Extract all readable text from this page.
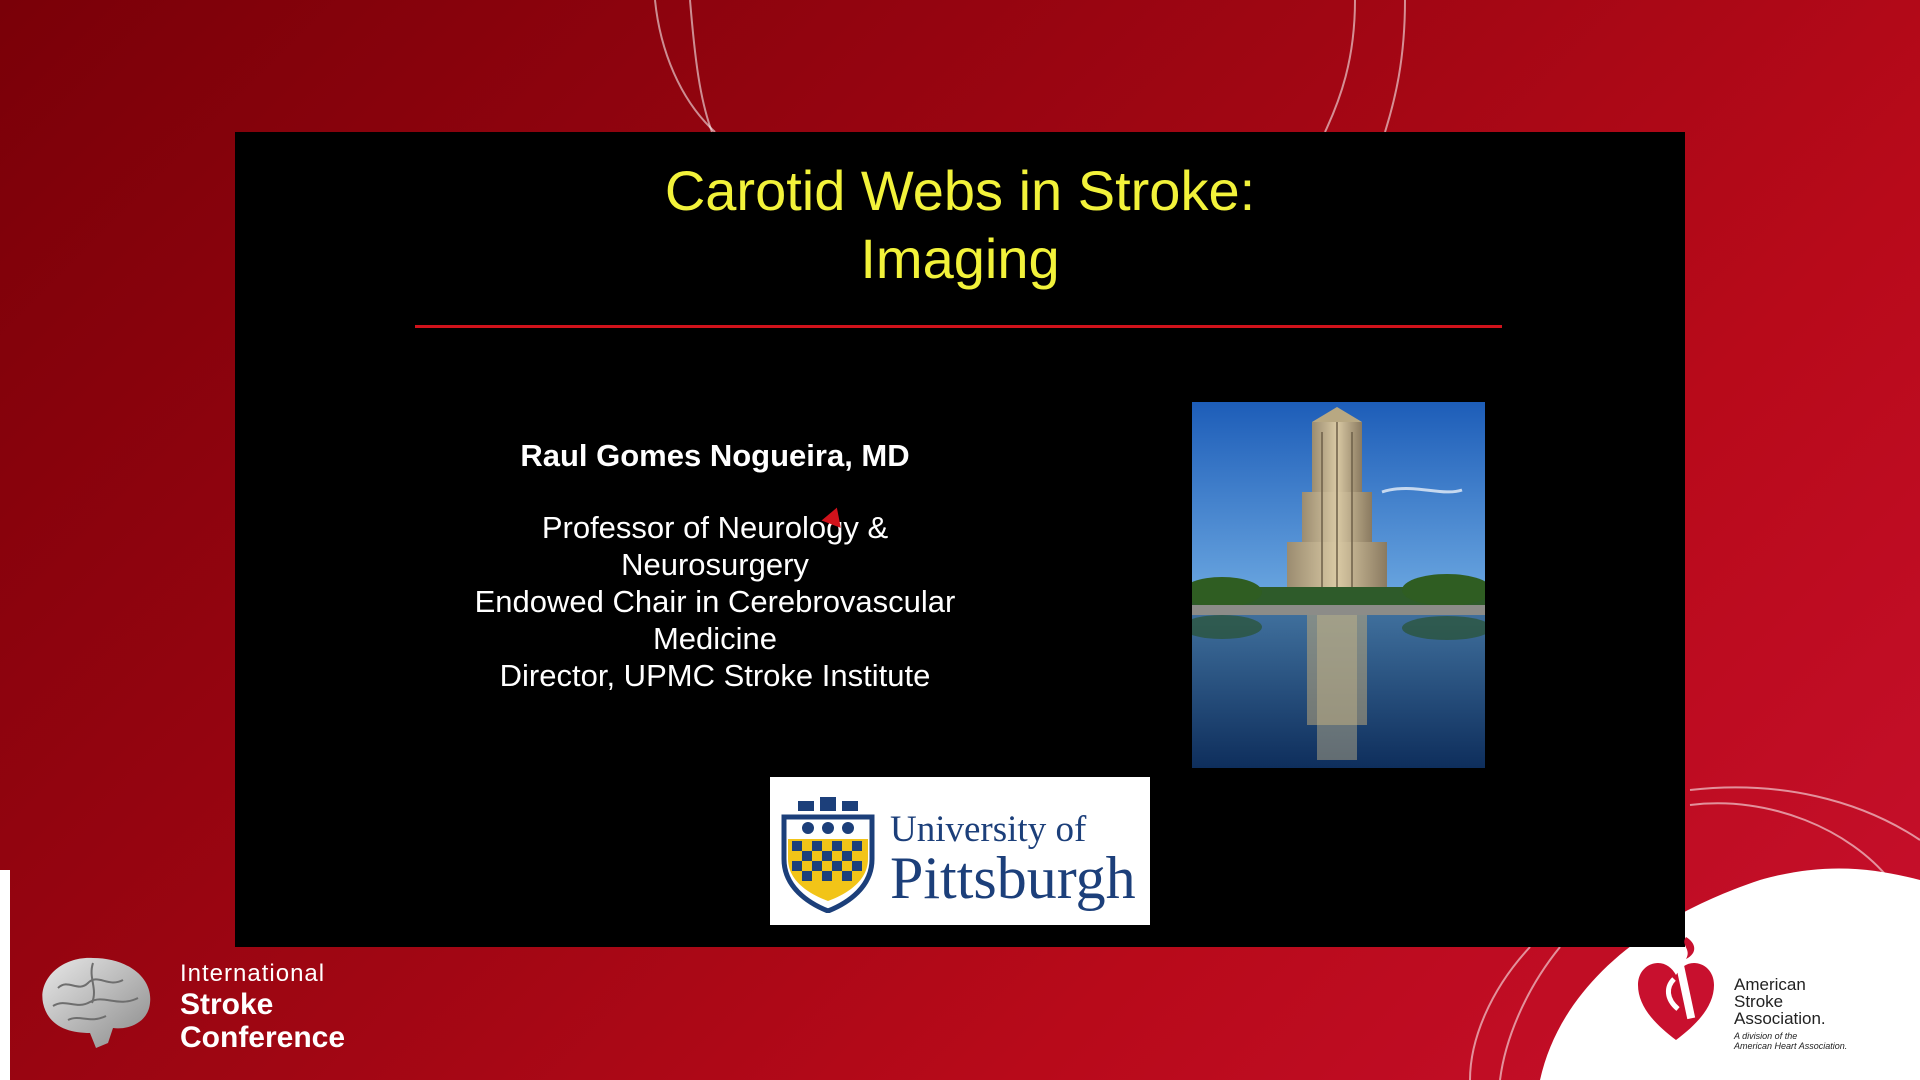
Carotid Webs in Stroke:
Imaging
Raul Gomes Nogueira, MD
Professor of Neurology & Neurosurgery
Endowed Chair in Cerebrovascular Medicine
Director, UPMC Stroke Institute
University of
Pittsburgh
International
Stroke
Conference
American
Stroke
Association.
A division of the
American Heart Association.
